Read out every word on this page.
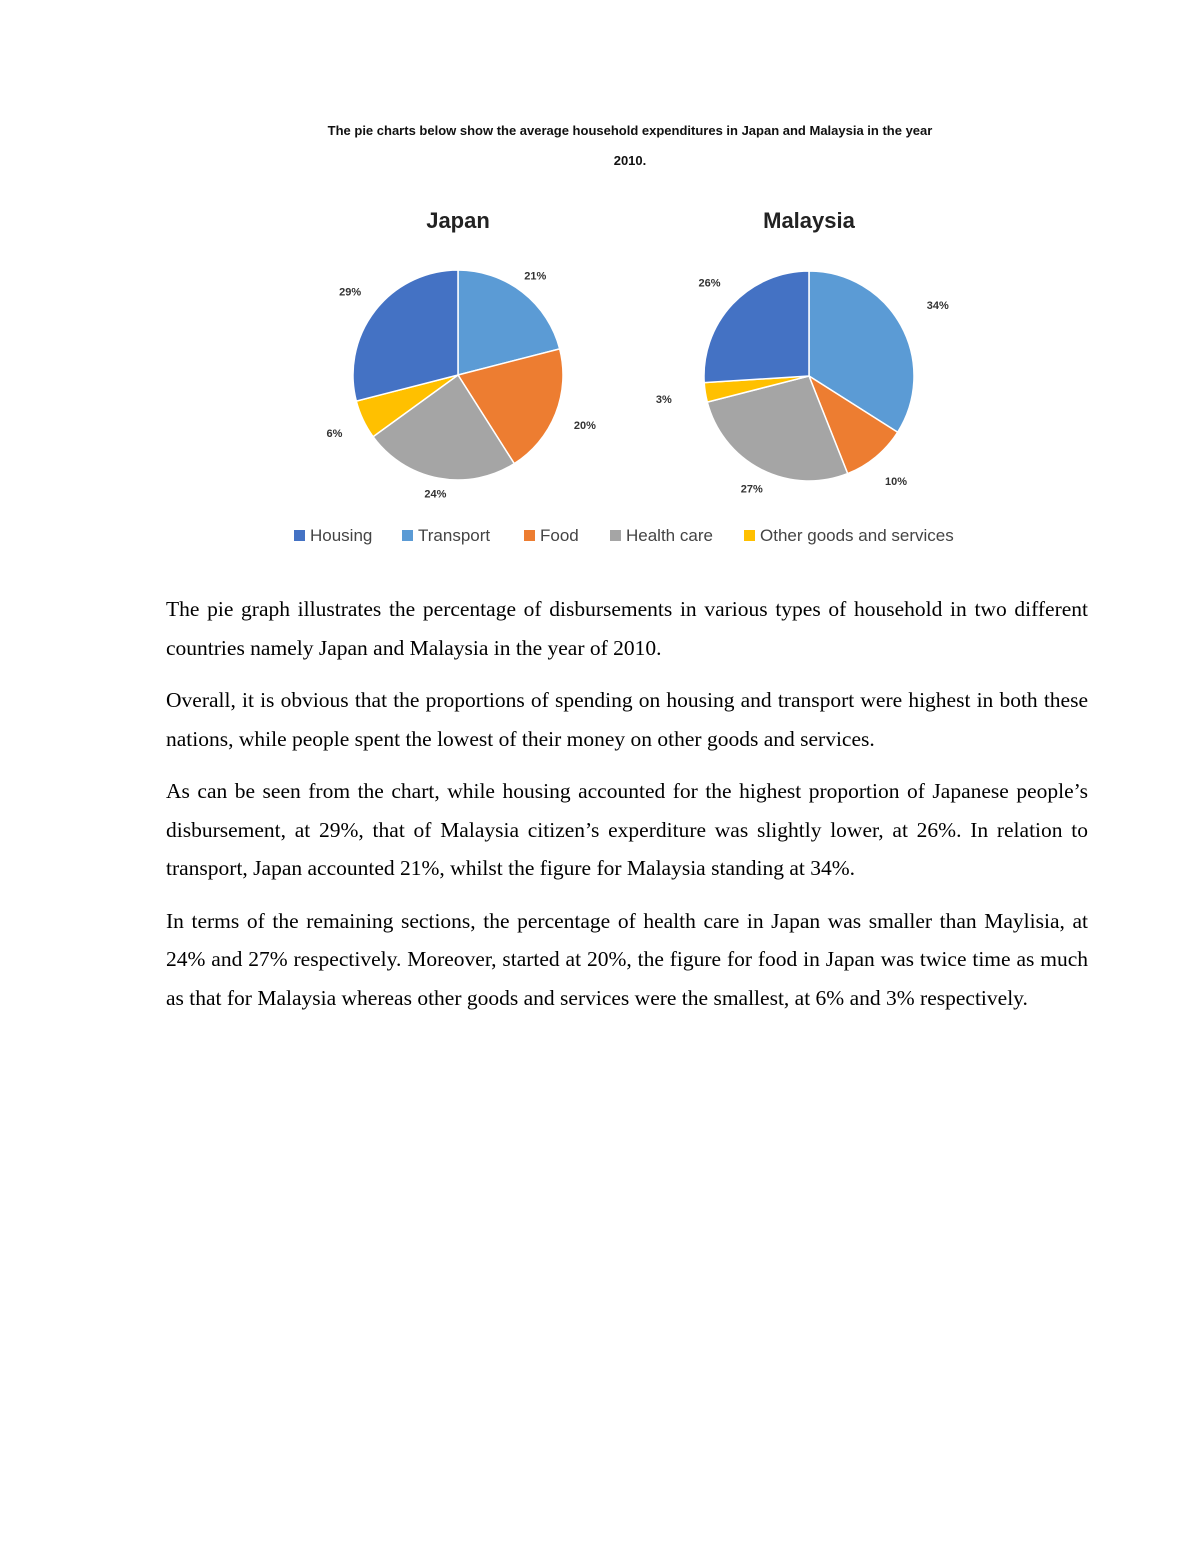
The pie charts below show the average household expenditures in Japan and Malaysia in the year
2010.
Japan
21%
20%
24%
6%
29%
Malaysia
34%
10%
27%
3%
26%
Housing	Transport	Food	Health care	Other goods and services

The pie graph illustrates the percentage of disbursements in various types of household in two different countries namely Japan and Malaysia in the year of 2010.

Overall, it is obvious that the proportions of spending on housing and transport were highest in both these nations, while people spent the lowest of their money on other goods and services.

As can be seen from the chart, while housing accounted for the highest proportion of Japanese people’s disbursement, at 29%, that of Malaysia citizen’s experditure was slightly lower, at 26%. In relation to transport, Japan accounted 21%, whilst the figure for Malaysia standing at 34%.

In terms of the remaining sections, the percentage of health care in Japan was smaller than Maylisia, at 24% and 27% respectively. Moreover, started at 20%, the figure for food in Japan was twice time as much as that for Malaysia whereas other goods and services were the smallest, at 6% and 3% respectively.
